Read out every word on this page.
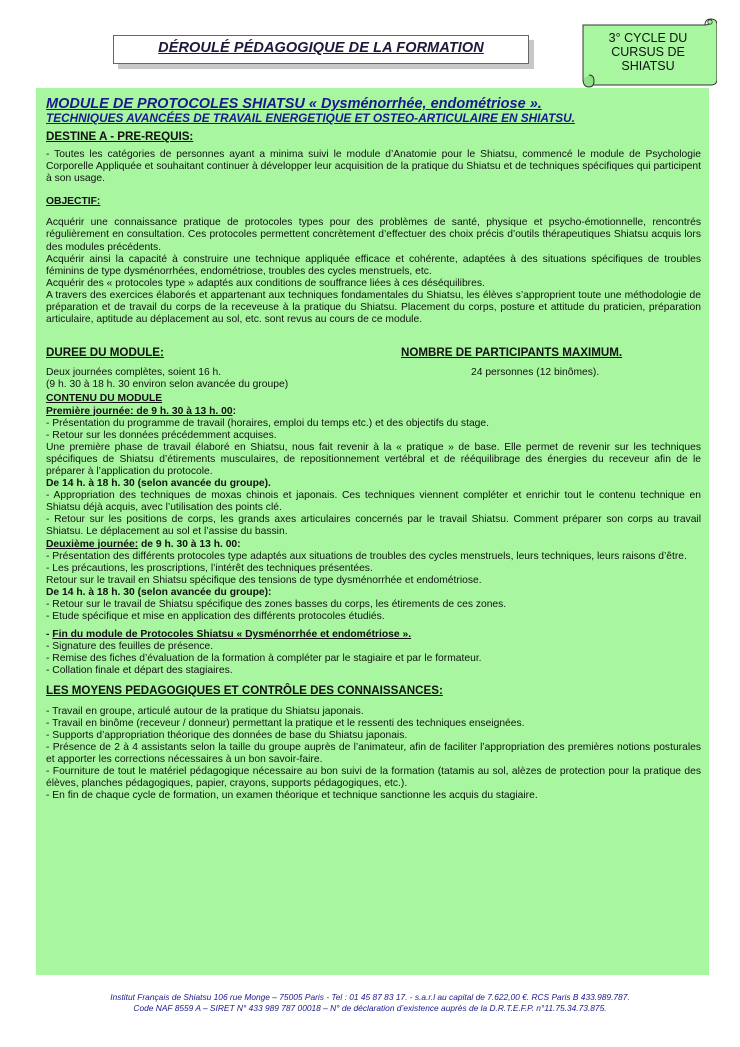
DÉROULÉ PÉDAGOGIQUE DE LA FORMATION
3° CYCLE DU
CURSUS DE
SHIATSU
MODULE DE PROTOCOLES SHIATSU « Dysménorrhée, endométriose ».
TECHNIQUES AVANCÉES DE TRAVAIL ENERGETIQUE ET OSTEO-ARTICULAIRE EN SHIATSU.
DESTINE A - PRE-REQUIS:

- Toutes les catégories de personnes ayant a minima suivi le module d’Anatomie pour le Shiatsu, commencé le module de Psychologie Corporelle Appliquée et souhaitant continuer à développer leur acquisition de la pratique du Shiatsu et de techniques spécifiques qui participent à son usage.

OBJECTIF:

Acquérir une connaissance pratique de protocoles types pour des problèmes de santé, physique et psycho-émotionnelle, rencontrés régulièrement en consultation. Ces protocoles permettent concrètement d’effectuer des choix précis d’outils thérapeutiques Shiatsu acquis lors des modules précédents.

Acquérir ainsi la capacité à construire une technique appliquée efficace et cohérente, adaptées à des situations spécifiques de troubles féminins de type dysménorrhées, endométriose, troubles des cycles menstruels, etc.

Acquérir des « protocoles type » adaptés aux conditions de souffrance liées à ces déséquilibres.

A travers des exercices élaborés et appartenant aux techniques fondamentales du Shiatsu, les élèves s’approprient toute une méthodologie de préparation et de travail du corps de la receveuse à la pratique du Shiatsu. Placement du corps, posture et attitude du praticien, préparation articulaire, aptitude au déplacement au sol, etc. sont revus au cours de ce module.

DUREE DU MODULE:
Deux journées complètes, soient 16 h.
(9 h. 30 à 18 h. 30 environ selon avancée du groupe)
NOMBRE DE PARTICIPANTS MAXIMUM.
24 personnes (12 binômes).
CONTENU DU MODULE
Première journée: de 9 h. 30 à 13 h. 00:

- Présentation du programme de travail (horaires, emploi du temps etc.) et des objectifs du stage.

- Retour sur les données précédemment acquises.

Une première phase de travail élaboré en Shiatsu, nous fait revenir à la « pratique » de base. Elle permet de revenir sur les techniques spécifiques de Shiatsu d’étirements musculaires, de repositionnement vertébral et de rééquilibrage des énergies du receveur afin de le préparer à l’application du protocole.

De 14 h. à 18 h. 30 (selon avancée du groupe).

- Appropriation des techniques de moxas chinois et japonais. Ces techniques viennent compléter et enrichir tout le contenu technique en Shiatsu déjà acquis, avec l’utilisation des points clé.

- Retour sur les positions de corps, les grands axes articulaires concernés par le travail Shiatsu. Comment préparer son corps au travail Shiatsu. Le déplacement au sol et l’assise du bassin.

Deuxième journée: de 9 h. 30 à 13 h. 00:

- Présentation des différents protocoles type adaptés aux situations de troubles des cycles menstruels, leurs techniques, leurs raisons d’être.

- Les précautions, les proscriptions, l’intérêt des techniques présentées.

Retour sur le travail en Shiatsu spécifique des tensions de type dysménorrhée et endométriose.

De 14 h. à 18 h. 30 (selon avancée du groupe):

- Retour sur le travail de Shiatsu spécifique des zones basses du corps, les étirements de ces zones.

- Etude spécifique et mise en application des différents protocoles étudiés.

- Fin du module de Protocoles Shiatsu « Dysménorrhée et endométriose ».

- Signature des feuilles de présence.

- Remise des fiches d’évaluation de la formation à compléter par le stagiaire et par le formateur.

- Collation finale et départ des stagiaires.

LES MOYENS PEDAGOGIQUES ET CONTRÔLE DES CONNAISSANCES:

- Travail en groupe, articulé autour de la pratique du Shiatsu japonais.

- Travail en binôme (receveur / donneur) permettant la pratique et le ressenti des techniques enseignées.

- Supports d’appropriation théorique des données de base du Shiatsu japonais.

- Présence de 2 à 4 assistants selon la taille du groupe auprès de l’animateur, afin de faciliter l’appropriation des premières notions posturales et apporter les corrections nécessaires à un bon savoir-faire.

- Fourniture de tout le matériel pédagogique nécessaire au bon suivi de la formation (tatamis au sol, alèzes de protection pour la pratique des élèves, planches pédagogiques, papier, crayons, supports pédagogiques, etc.).

- En fin de chaque cycle de formation, un examen théorique et technique sanctionne les acquis du stagiaire.

Institut Français de Shiatsu 106 rue Monge – 75005 Paris - Tel : 01 45 87 83 17. - s.a.r.l au capital de 7.622,00 €. RCS Paris B 433.989.787.
Code NAF 8559 A – SIRET N° 433 989 787 00018 – N° de déclaration d’existence auprès de la D.R.T.E.F.P. n°11.75.34.73.875.
